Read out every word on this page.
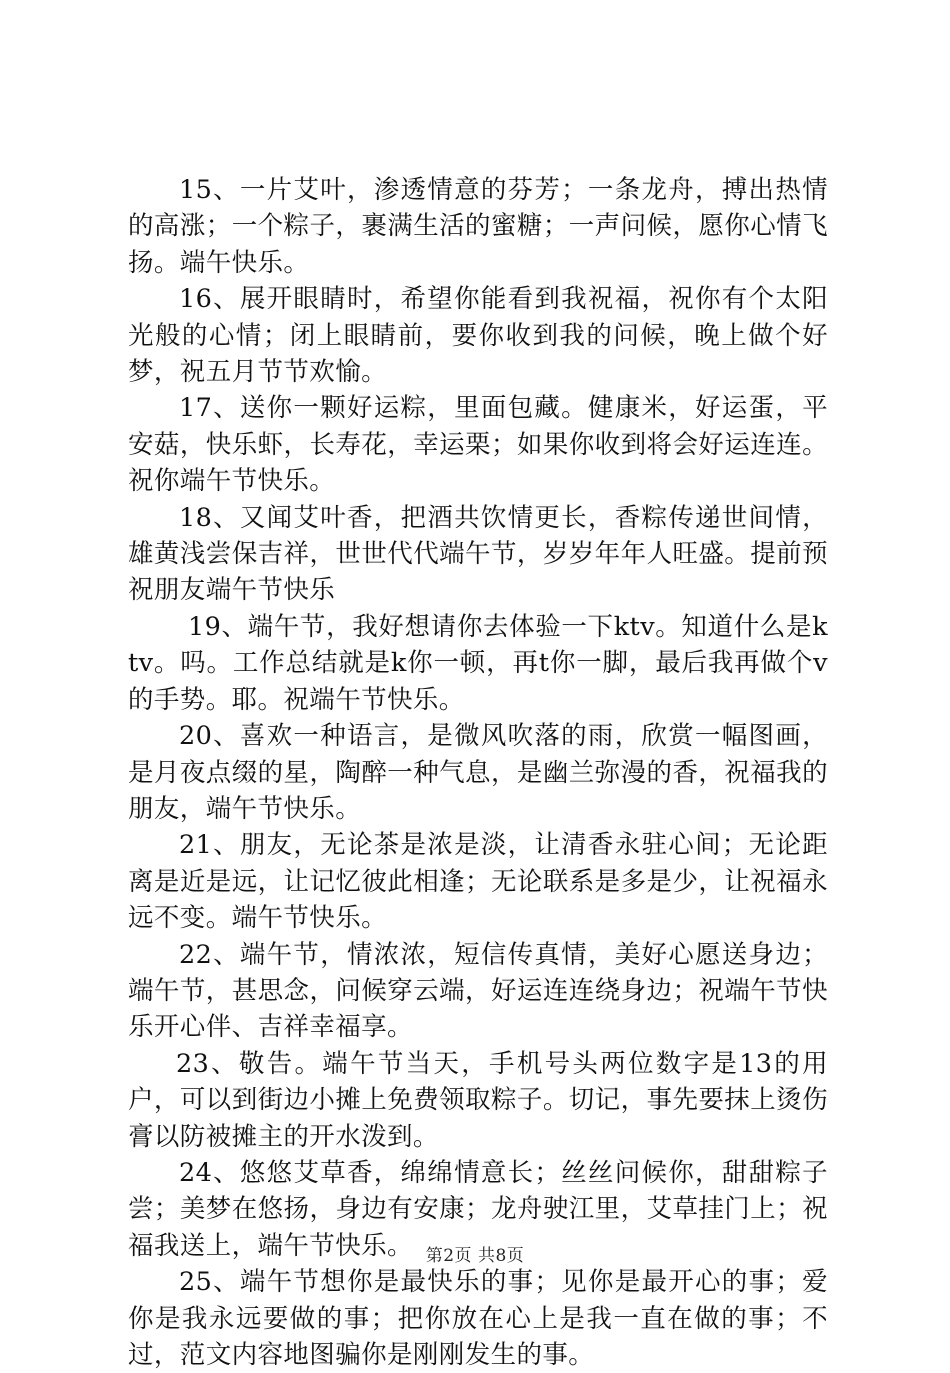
15、一片艾叶，渗透情意的芬芳；一条龙舟，搏出热情的高涨；一个粽子，裹满生活的蜜糖；一声问候，愿你心情飞扬。端午快乐。

16、展开眼睛时，希望你能看到我祝福，祝你有个太阳光般的心情；闭上眼睛前，要你收到我的问候，晚上做个好梦，祝五月节节欢愉。

17、送你一颗好运粽，里面包藏。健康米，好运蛋，平安菇，快乐虾，长寿花，幸运栗；如果你收到将会好运连连。祝你端午节快乐。

18、又闻艾叶香，把酒共饮情更长，香粽传递世间情，雄黄浅尝保吉祥，世世代代端午节，岁岁年年人旺盛。提前预祝朋友端午节快乐

19、端午节，我好想请你去体验一下ktv。知道什么是ktv。吗。工作总结就是k你一顿，再t你一脚，最后我再做个v的手势。耶。祝端午节快乐。

20、喜欢一种语言，是微风吹落的雨，欣赏一幅图画，是月夜点缀的星，陶醉一种气息，是幽兰弥漫的香，祝福我的朋友，端午节快乐。

21、朋友，无论茶是浓是淡，让清香永驻心间；无论距离是近是远，让记忆彼此相逢；无论联系是多是少，让祝福永远不变。端午节快乐。

22、端午节，情浓浓，短信传真情，美好心愿送身边；端午节，甚思念，问候穿云端，好运连连绕身边；祝端午节快乐开心伴、吉祥幸福享。

23、敬告。端午节当天，手机号头两位数字是13的用户，可以到街边小摊上免费领取粽子。切记，事先要抹上烫伤膏以防被摊主的开水泼到。

24、悠悠艾草香，绵绵情意长；丝丝问候你，甜甜粽子尝；美梦在悠扬，身边有安康；龙舟驶江里，艾草挂门上；祝福我送上，端午节快乐。

25、端午节想你是最快乐的事；见你是最开心的事；爱你是我永远要做的事；把你放在心上是我一直在做的事；不过，范文内容地图骗你是刚刚发生的事。

第2页 共8页
